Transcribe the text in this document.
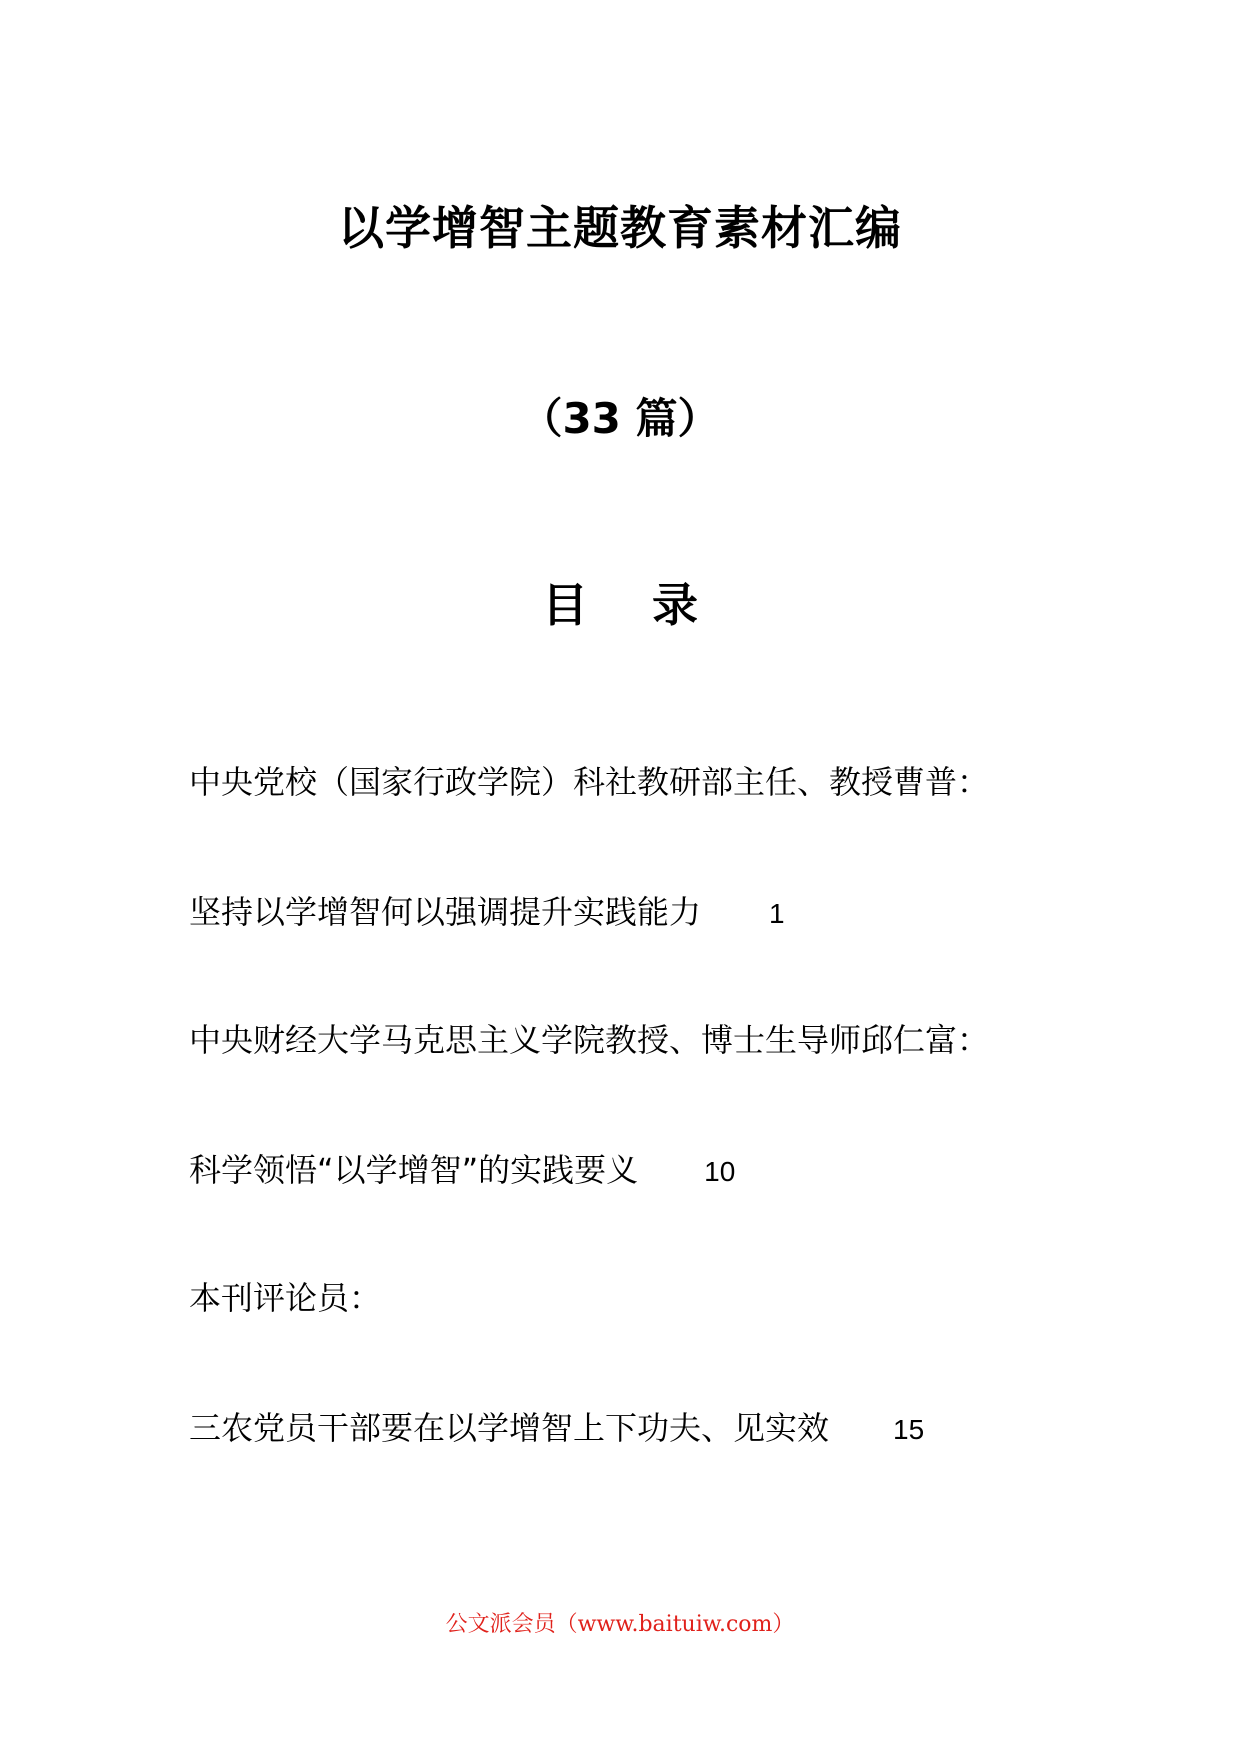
以学增智主题教育素材汇编
（33 篇）
目 录
中央党校（国家行政学院）科社教研部主任、教授曹普：
坚持以学增智何以强调提升实践能力 1
中央财经大学马克思主义学院教授、博士生导师邱仁富：
科学领悟“以学增智”的实践要义 10
本刊评论员：
三农党员干部要在以学增智上下功夫、见实效 15
公文派会员（www.baituiw.com）
